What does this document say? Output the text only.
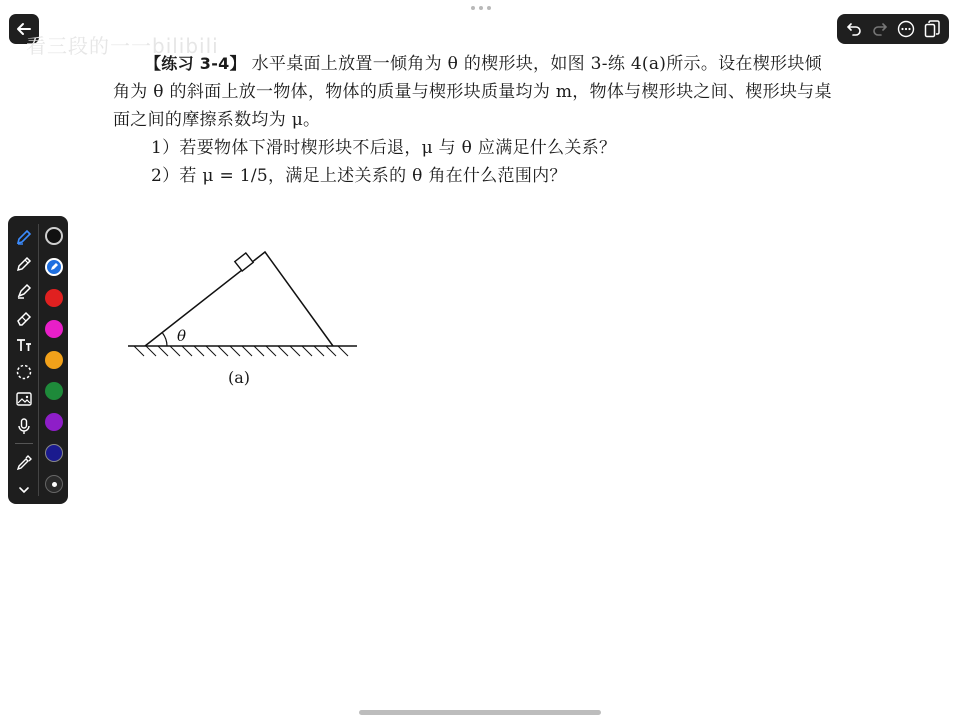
看三段的一一bilibili

【练习 3-4】 水平桌面上放置一倾角为 θ 的楔形块，如图 3-练 4(a)所示。设在楔形块倾

角为 θ 的斜面上放一物体，物体的质量与楔形块质量均为 m，物体与楔形块之间、楔形块与桌

面之间的摩擦系数均为 μ。

1）若要物体下滑时楔形块不后退，μ 与 θ 应满足什么关系？

2）若 μ = 1/5，满足上述关系的 θ 角在什么范围内？

θ
(a)
